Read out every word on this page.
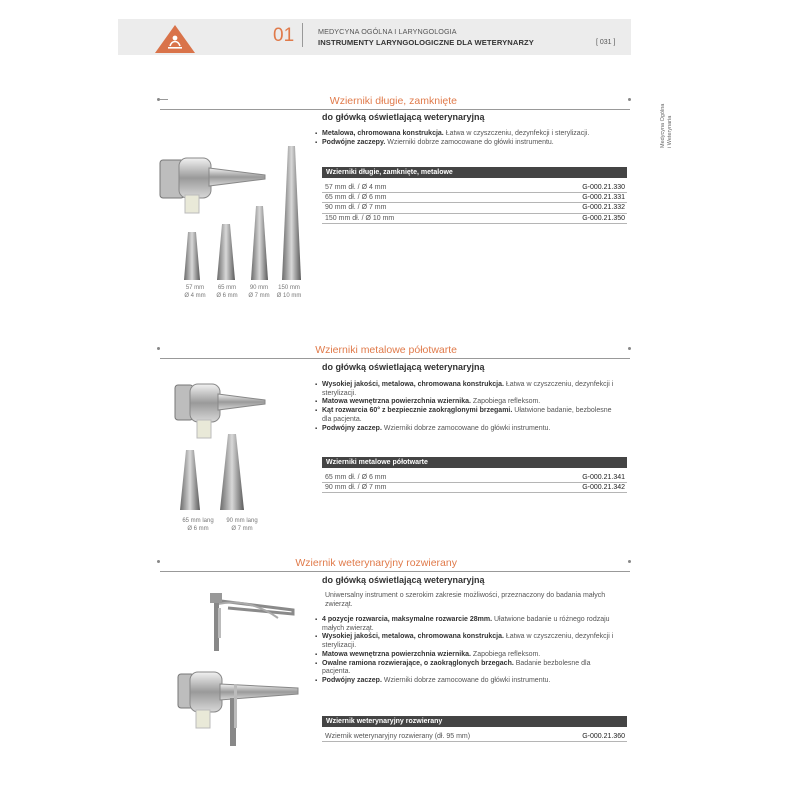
01	MEDYCYNA OGÓLNA I LARYNGOLOGIA
INSTRUMENTY LARYNGOLOGICZNE DLA WETERYNARZY	[ 031 ]
Medycyna Ogólna i Weterynaria
Wzierniki długie, zamknięte
do główką oświetlającą weterynaryjną

▪ Metalowa, chromowana konstrukcja. Łatwa w czyszczeniu, dezynfekcji i sterylizacji.

▪ Podwójne zaczepy. Wzierniki dobrze zamocowane do główki instrumentu.

Wzierniki długie, zamknięte, metalowe
57 mm dł. / Ø 4 mm	G-000.21.330
65 mm dł. / Ø 6 mm	G-000.21.331
90 mm dł. / Ø 7 mm	G-000.21.332
150 mm dł. / Ø 10 mm	G-000.21.350
57 mm
Ø 4 mm
65 mm
Ø 6 mm
90 mm
Ø 7 mm
150 mm
Ø 10 mm
Wzierniki metalowe półotwarte
do główką oświetlającą weterynaryjną

▪ Wysokiej jakości, metalowa, chromowana konstrukcja. Łatwa w czyszczeniu, dezynfekcji i sterylizacji.

▪ Matowa wewnętrzna powierzchnia wziernika. Zapobiega refleksom.

▪ Kąt rozwarcia 60° z bezpiecznie zaokrąglonymi brzegami. Ułatwione badanie, bezbolesne dla pacjenta.

▪ Podwójny zaczep. Wzierniki dobrze zamocowane do główki instrumentu.

Wzierniki metalowe półotwarte
65 mm dł. / Ø 6 mm	G-000.21.341
90 mm dł. / Ø 7 mm	G-000.21.342
65 mm lang
Ø 6 mm
90 mm lang
Ø 7 mm
Wziernik weterynaryjny rozwierany
do główką oświetlającą weterynaryjną
Uniwersalny instrument o szerokim zakresie możliwości, przeznaczony do badania małych zwierząt.

▪ 4 pozycje rozwarcia, maksymalne rozwarcie 28mm. Ułatwione badanie u różnego rodzaju małych zwierząt.

▪ Wysokiej jakości, metalowa, chromowana konstrukcja. Łatwa w czyszczeniu, dezynfekcji i sterylizacji.

▪ Matowa wewnętrzna powierzchnia wziernika. Zapobiega refleksom.

▪ Owalne ramiona rozwierające, o zaokrąglonych brzegach. Badanie bezbolesne dla pacjenta.

▪ Podwójny zaczep. Wzierniki dobrze zamocowane do główki instrumentu.

Wziernik weterynaryjny rozwierany
Wziernik weterynaryjny rozwierany (dł. 95 mm)	G-000.21.360
